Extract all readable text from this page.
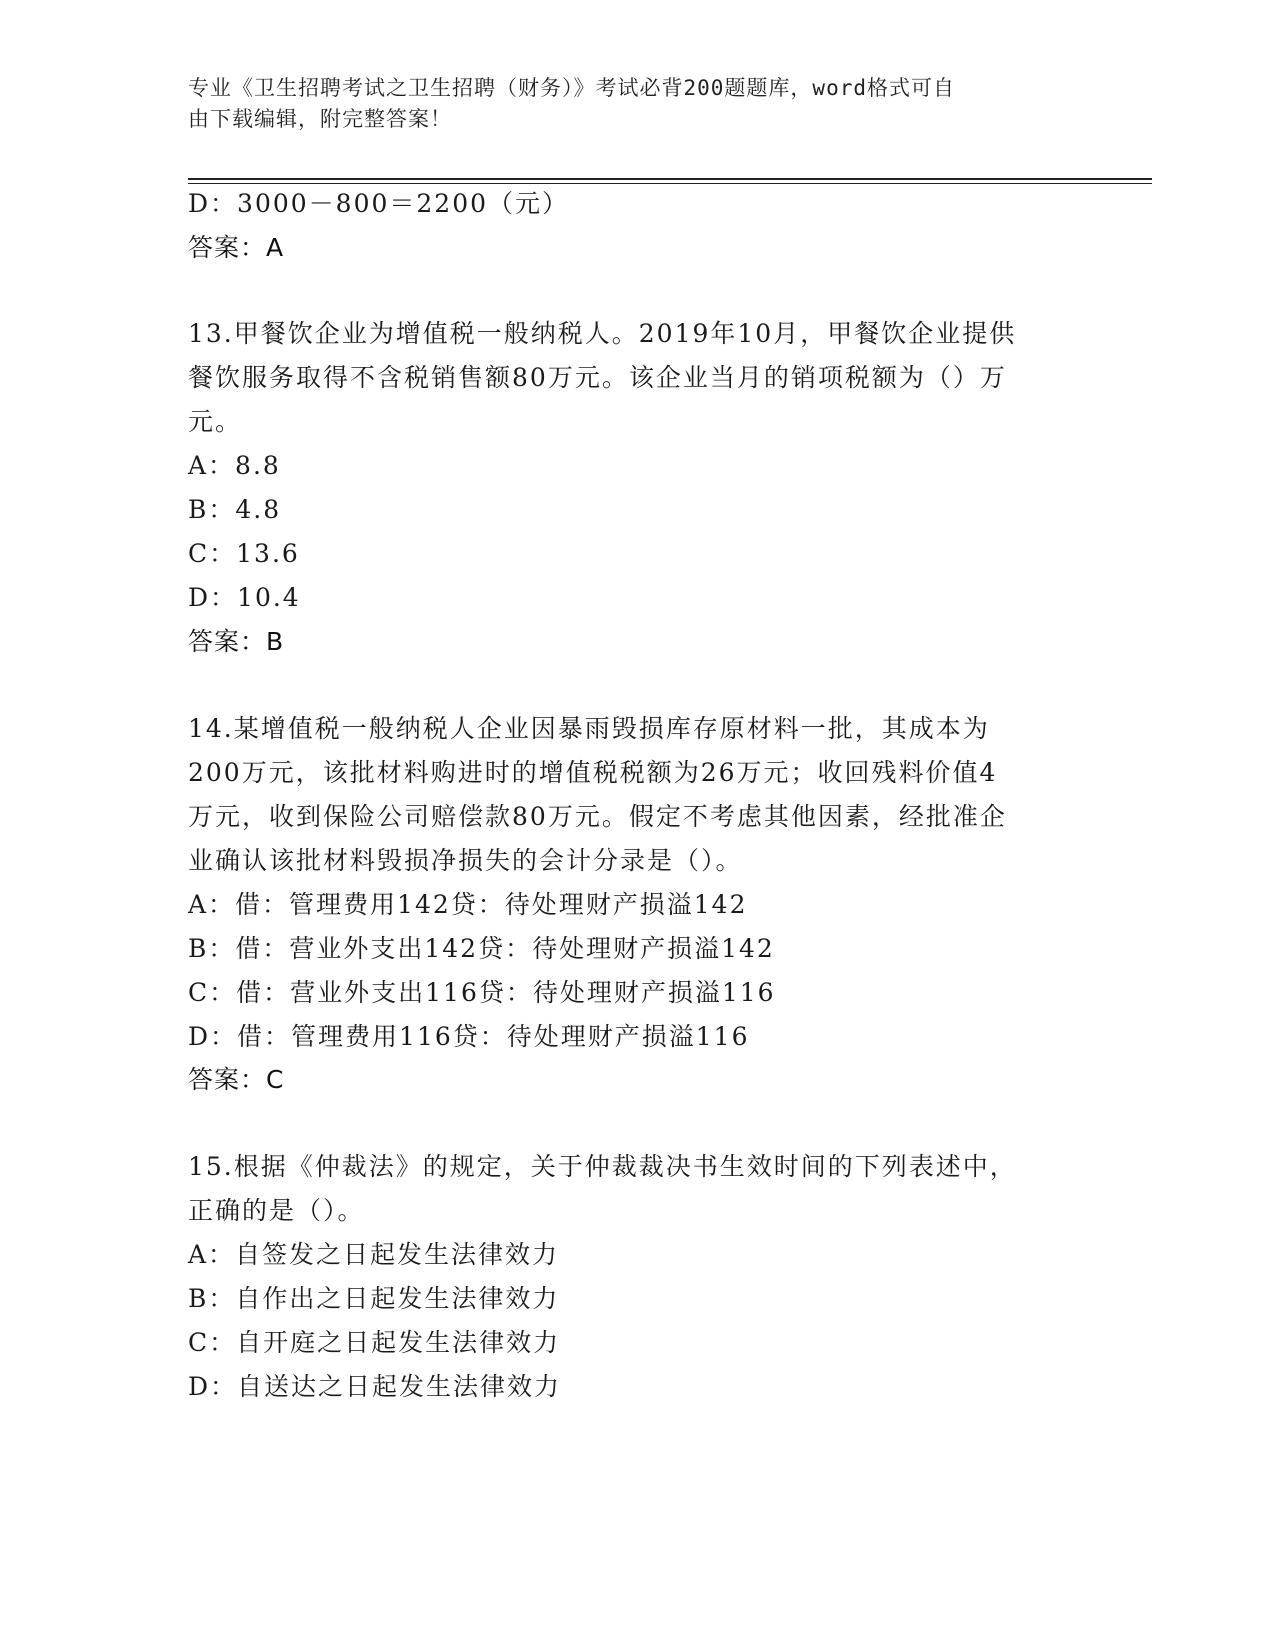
专业《卫生招聘考试之卫生招聘（财务）》考试必背200题题库，word格式可自
由下载编辑，附完整答案！
D：3000－800＝2200（元）
答案：A
13.甲餐饮企业为增值税一般纳税人。2019年10月，甲餐饮企业提供
餐饮服务取得不含税销售额80万元。该企业当月的销项税额为（）万
元。
A：8.8
B：4.8
C：13.6
D：10.4
答案：B
14.某增值税一般纳税人企业因暴雨毁损库存原材料一批，其成本为
200万元，该批材料购进时的增值税税额为26万元；收回残料价值4
万元，收到保险公司赔偿款80万元。假定不考虑其他因素，经批准企
业确认该批材料毁损净损失的会计分录是（）。
A：借：管理费用142贷：待处理财产损溢142
B：借：营业外支出142贷：待处理财产损溢142
C：借：营业外支出116贷：待处理财产损溢116
D：借：管理费用116贷：待处理财产损溢116
答案：C
15.根据《仲裁法》的规定，关于仲裁裁决书生效时间的下列表述中，
正确的是（）。
A：自签发之日起发生法律效力
B：自作出之日起发生法律效力
C：自开庭之日起发生法律效力
D：自送达之日起发生法律效力
